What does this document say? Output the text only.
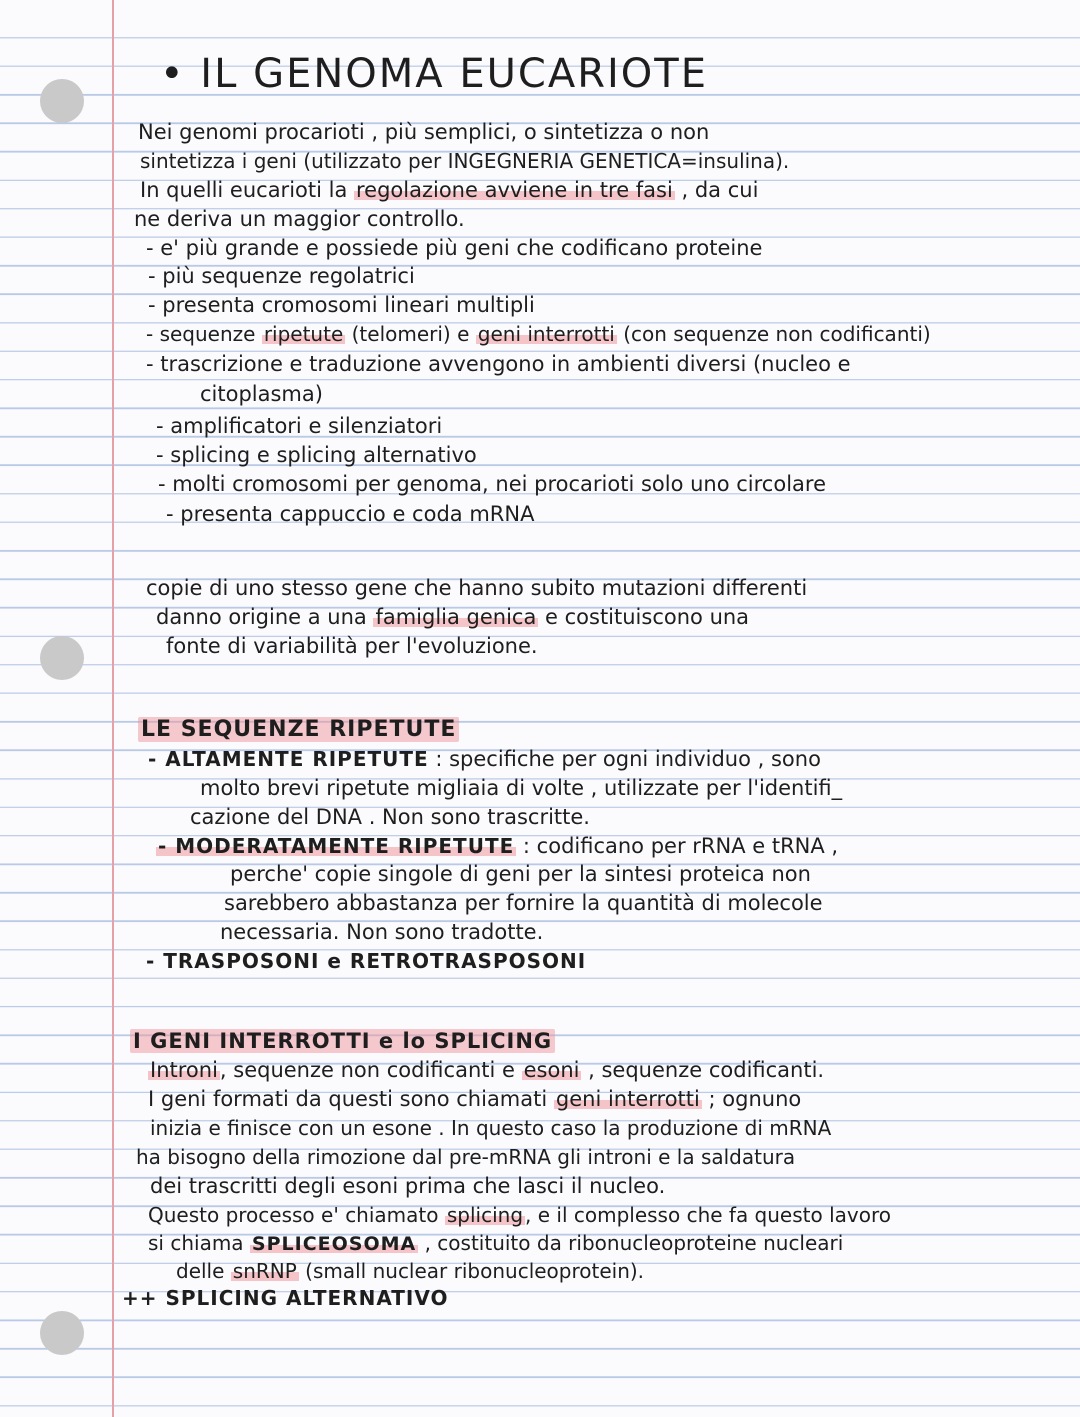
• IL GENOMA EUCARIOTE
Nei genomi procarioti , più semplici, o sintetizza o non
sintetizza i geni (utilizzato per INGEGNERIA GENETICA=insulina).
In quelli eucarioti la regolazione avviene in tre fasi , da cui
ne deriva un maggior controllo.
- e' più grande e possiede più geni che codificano proteine
- più sequenze regolatrici
- presenta cromosomi lineari multipli
- sequenze ripetute (telomeri) e geni interrotti (con sequenze non codificanti)
- trascrizione e traduzione avvengono in ambienti diversi (nucleo e
citoplasma)
- amplificatori e silenziatori
- splicing e splicing alternativo
- molti cromosomi per genoma, nei procarioti solo uno circolare
- presenta cappuccio e coda mRNA
copie di uno stesso gene che hanno subito mutazioni differenti
danno origine a una famiglia genica e costituiscono una
fonte di variabilità per l'evoluzione.
LE SEQUENZE RIPETUTE
- ALTAMENTE RIPETUTE : specifiche per ogni individuo , sono
molto brevi ripetute migliaia di volte , utilizzate per l'identifi_
cazione del DNA . Non sono trascritte.
- MODERATAMENTE RIPETUTE : codificano per rRNA e tRNA ,
perche' copie singole di geni per la sintesi proteica non
sarebbero abbastanza per fornire la quantità di molecole
necessaria. Non sono tradotte.
- TRASPOSONI e RETROTRASPOSONI
I GENI INTERROTTI e lo SPLICING
Introni, sequenze non codificanti e esoni , sequenze codificanti.
I geni formati da questi sono chiamati geni interrotti ; ognuno
inizia e finisce con un esone . In questo caso la produzione di mRNA
ha bisogno della rimozione dal pre-mRNA gli introni e la saldatura
dei trascritti degli esoni prima che lasci il nucleo.
Questo processo e' chiamato splicing , e il complesso che fa questo lavoro
si chiama SPLICEOSOMA , costituito da ribonucleoproteine nucleari
delle snRNP (small nuclear ribonucleoprotein).
++ SPLICING ALTERNATIVO
